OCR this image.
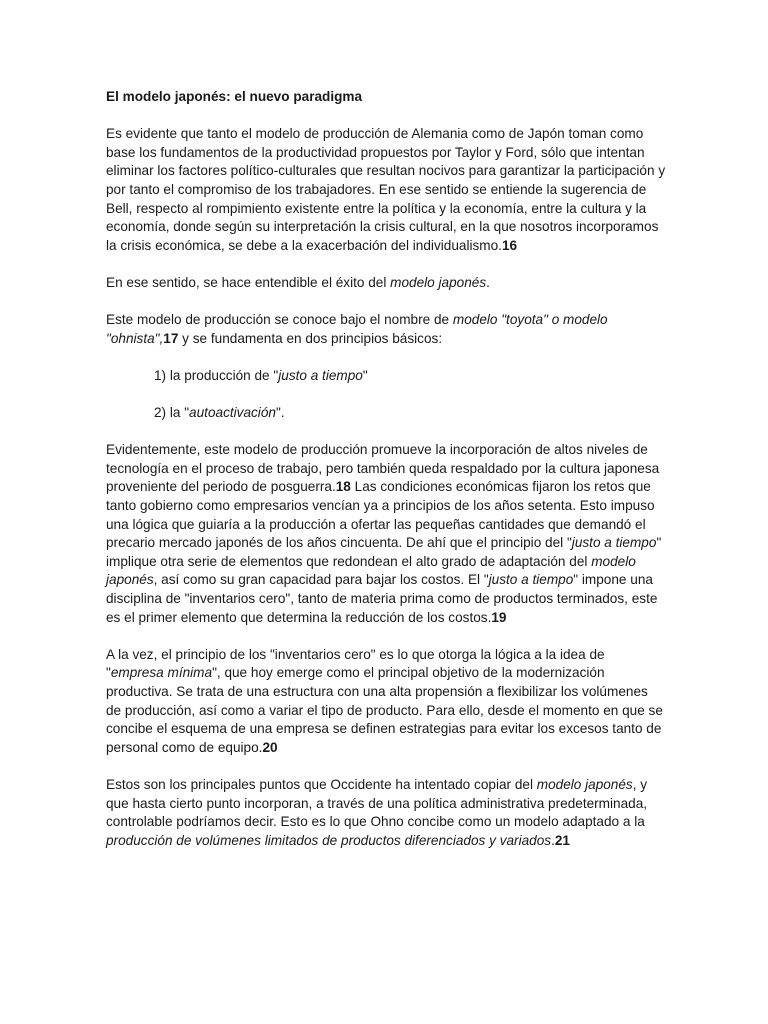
El modelo japonés: el nuevo paradigma

Es evidente que tanto el modelo de producción de Alemania como de Japón toman como base los fundamentos de la productividad propuestos por Taylor y Ford, sólo que intentan eliminar los factores político-culturales que resultan nocivos para garantizar la participación y por tanto el compromiso de los trabajadores. En ese sentido se entiende la sugerencia de Bell, respecto al rompimiento existente entre la política y la economía, entre la cultura y la economía, donde según su interpretación la crisis cultural, en la que nosotros incorporamos la crisis económica, se debe a la exacerbación del individualismo.16

En ese sentido, se hace entendible el éxito del modelo japonés.

Este modelo de producción se conoce bajo el nombre de modelo "toyota" o modelo "ohnista",17 y se fundamenta en dos principios básicos:

1) la producción de "justo a tiempo"

2) la "autoactivación".

Evidentemente, este modelo de producción promueve la incorporación de altos niveles de tecnología en el proceso de trabajo, pero también queda respaldado por la cultura japonesa proveniente del periodo de posguerra.18 Las condiciones económicas fijaron los retos que tanto gobierno como empresarios vencían ya a principios de los años setenta. Esto impuso una lógica que guiaría a la producción a ofertar las pequeñas cantidades que demandó el precario mercado japonés de los años cincuenta. De ahí que el principio del "justo a tiempo" implique otra serie de elementos que redondean el alto grado de adaptación del modelo japonés, así como su gran capacidad para bajar los costos. El "justo a tiempo" impone una disciplina de "inventarios cero", tanto de materia prima como de productos terminados, este es el primer elemento que determina la reducción de los costos.19

A la vez, el principio de los "inventarios cero" es lo que otorga la lógica a la idea de "empresa mínima", que hoy emerge como el principal objetivo de la modernización productiva. Se trata de una estructura con una alta propensión a flexibilizar los volúmenes de producción, así como a variar el tipo de producto. Para ello, desde el momento en que se concibe el esquema de una empresa se definen estrategias para evitar los excesos tanto de personal como de equipo.20

Estos son los principales puntos que Occidente ha intentado copiar del modelo japonés, y que hasta cierto punto incorporan, a través de una política administrativa predeterminada, controlable podríamos decir. Esto es lo que Ohno concibe como un modelo adaptado a la producción de volúmenes limitados de productos diferenciados y variados.21
